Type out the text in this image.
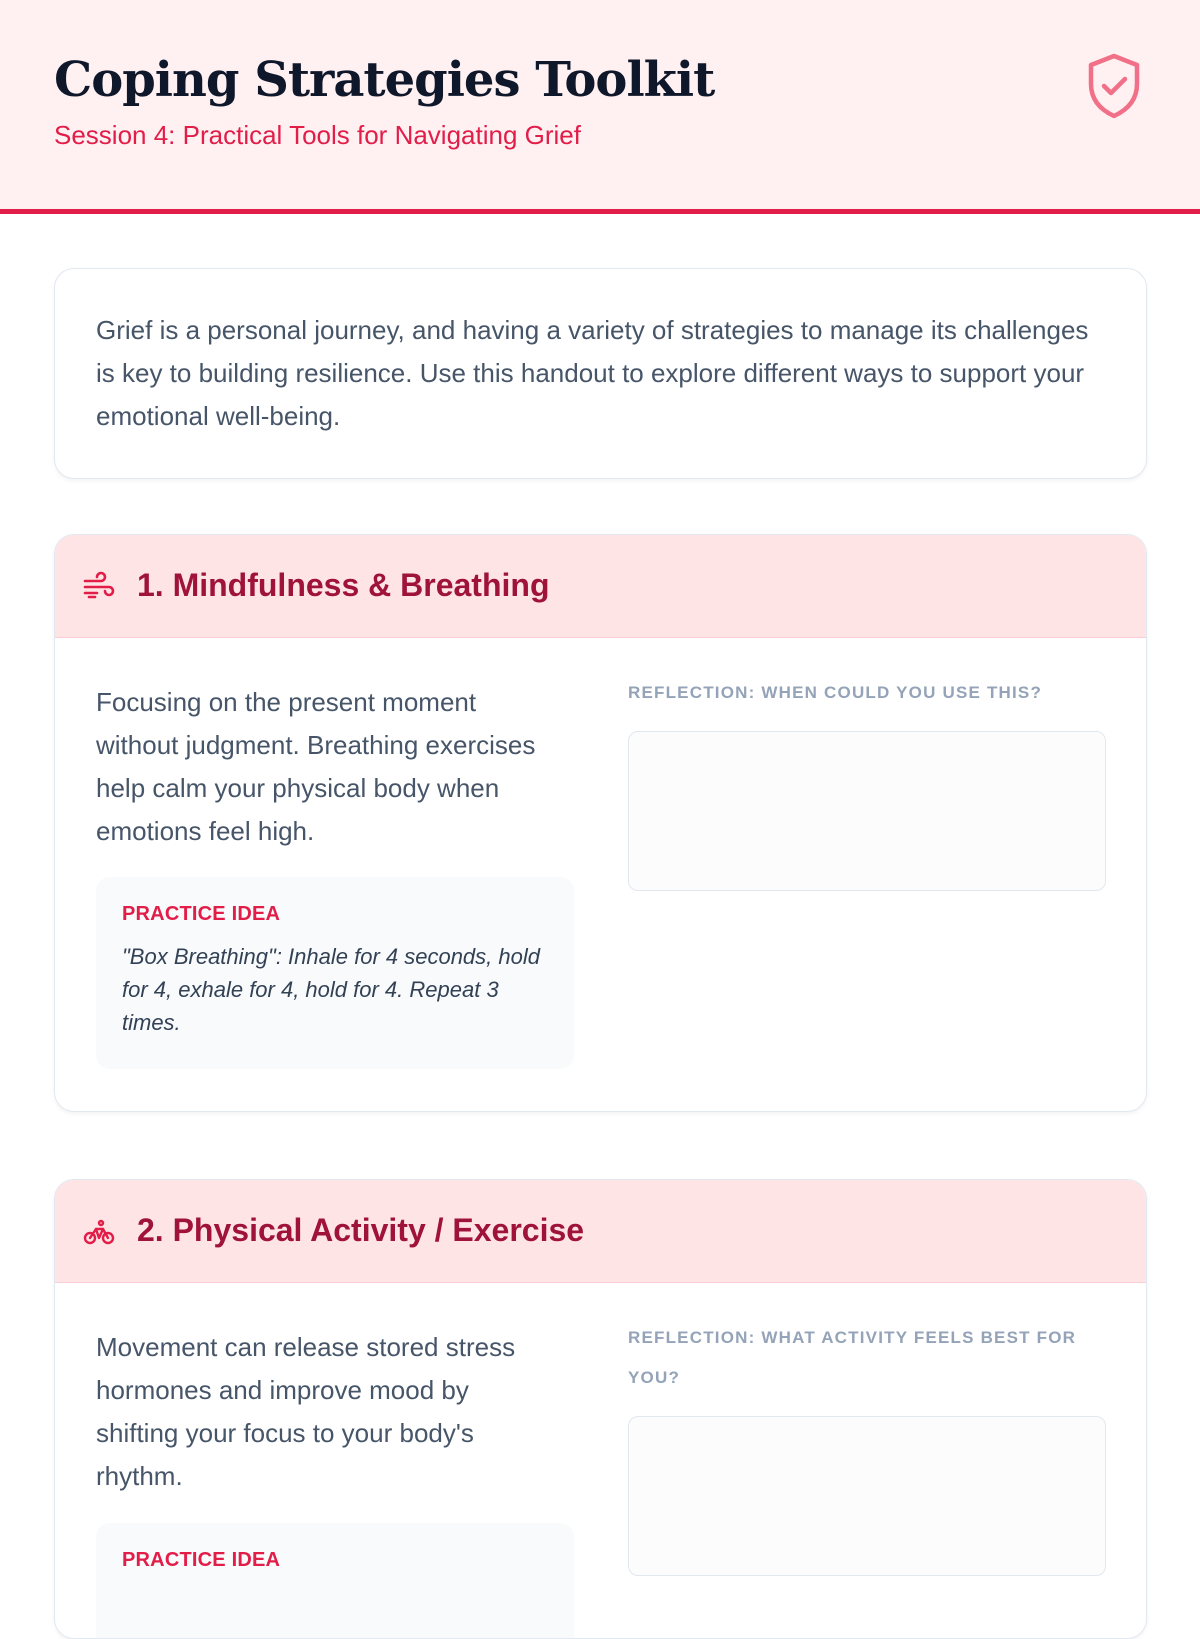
Coping Strategies Toolkit
Session 4: Practical Tools for Navigating Grief

Grief is a personal journey, and having a variety of strategies to manage its challenges is key to building resilience. Use this handout to explore different ways to support your emotional well-being.

1. Mindfulness & Breathing

Focusing on the present moment without judgment. Breathing exercises help calm your physical body when emotions feel high.

PRACTICE IDEA
"Box Breathing": Inhale for 4 seconds, hold for 4, exhale for 4, hold for 4. Repeat 3 times.
REFLECTION: WHEN COULD YOU USE THIS?
2. Physical Activity / Exercise

Movement can release stored stress hormones and improve mood by shifting your focus to your body's rhythm.

PRACTICE IDEA
REFLECTION: WHAT ACTIVITY FEELS BEST FOR YOU?
